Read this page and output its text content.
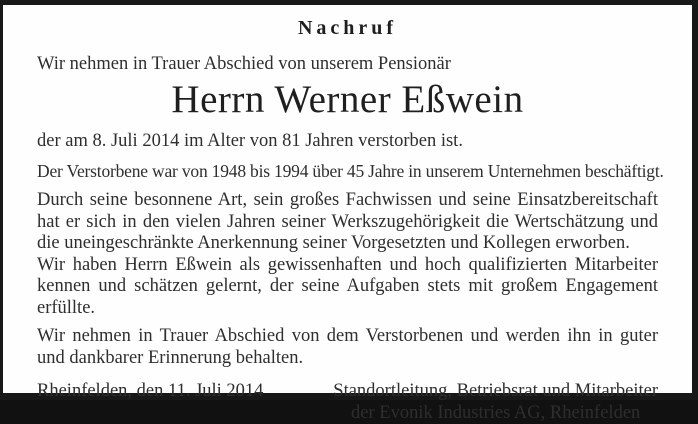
Nachruf
Wir nehmen in Trauer Abschied von unserem Pensionär
Herrn Werner Eßwein
der am 8. Juli 2014 im Alter von 81 Jahren verstorben ist.
Der Verstorbene war von 1948 bis 1994 über 45 Jahre in unserem Unternehmen beschäftigt.

Durch seine besonnene Art, sein großes Fachwissen und seine Einsatzbereitschaft hat er sich in den vielen Jahren seiner Werkszugehörigkeit die Wertschätzung und die uneingeschränkte Anerkennung seiner Vorgesetzten und Kollegen erworben.

Wir haben Herrn Eßwein als gewissenhaften und hoch qualifizierten Mitarbeiter kennen und schätzen gelernt, der seine Aufgaben stets mit großem Engagement erfüllte.

Wir nehmen in Trauer Abschied von dem Verstorbenen und werden ihn in guter und dankbarer Erinnerung behalten.

Rheinfelden, den 11. Juli 2014	Standortleitung, Betriebsrat und Mitarbeiter
der Evonik Industries AG, Rheinfelden
